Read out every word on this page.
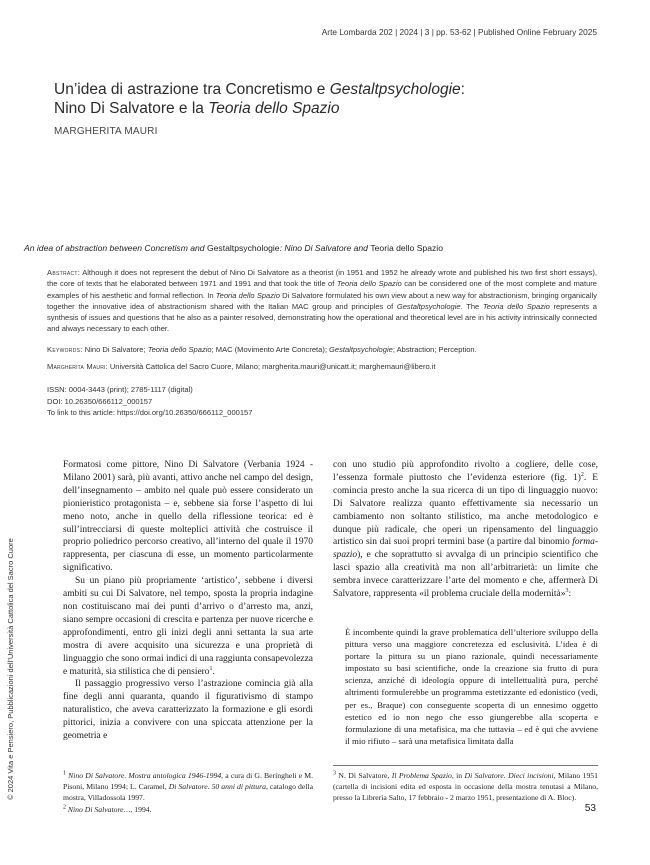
Arte Lombarda 202 | 2024 | 3 | pp. 53-62 | Published Online February 2025
Un’idea di astrazione tra Concretismo e Gestaltpsychologie:
Nino Di Salvatore e la Teoria dello Spazio
MARGHERITA MAURI
An idea of abstraction between Concretism and Gestaltpsychologie: Nino Di Salvatore and Teoria dello Spazio
Abstract: Although it does not represent the debut of Nino Di Salvatore as a theorist (in 1951 and 1952 he already wrote and published his two first short essays), the core of texts that he elaborated between 1971 and 1991 and that took the title of Teoria dello Spazio can be considered one of the most complete and mature examples of his aesthetic and formal reflection. In Teoria dello Spazio Di Salvatore formulated his own view about a new way for abstractionism, bringing organically together the innovative idea of abstractionism shared with the Italian MAC group and principles of Gestaltpsychologie. The Teoria dello Spazio represents a synthesis of issues and questions that he also as a painter resolved, demonstrating how the operational and theoretical level are in his activity intrinsically connected and always necessary to each other.
Keywords: Nino Di Salvatore; Teoria dello Spazio; MAC (Movimento Arte Concreta); Gestaltpsychologie; Abstraction; Perception.
Margherita Mauri: Università Cattolica del Sacro Cuore, Milano; margherita.mauri@unicatt.it; marghemauri@libero.it
ISSN: 0004-3443 (print); 2785-1117 (digital)
DOI: 10.26350/666112_000157
To link to this article: https://doi.org/10.26350/666112_000157

Formatosi come pittore, Nino Di Salvatore (Verbania 1924 - Milano 2001) sarà, più avanti, attivo anche nel campo del design, dell’insegnamento – ambito nel quale può essere considerato un pionieristico protagonista – e, sebbene sia forse l’aspetto di lui meno noto, anche in quello della riflessione teorica: ed è sull’intrecciarsi di queste molteplici attività che costruisce il proprio poliedrico percorso creativo, all’interno del quale il 1970 rappresenta, per ciascuna di esse, un momento particolarmente significativo.

Su un piano più propriamente ‘artistico’, sebbene i diversi ambiti su cui Di Salvatore, nel tempo, sposta la propria indagine non costituiscano mai dei punti d’arrivo o d’arresto ma, anzi, siano sempre occasioni di crescita e partenza per nuove ricerche e approfondimenti, entro gli inizi degli anni settanta la sua arte mostra di avere acquisito una sicurezza e una proprietà di linguaggio che sono ormai indici di una raggiunta consapevolezza e maturità, sia stilistica che di pensiero$^1$.

Il passaggio progressivo verso l’astrazione comincia già alla fine degli anni quaranta, quando il figurativismo di stampo naturalistico, che aveva caratterizzato la formazione e gli esordi pittorici, inizia a convivere con una spiccata attenzione per la geometria e

con uno studio più approfondito rivolto a cogliere, delle cose, l’essenza formale piuttosto che l’evidenza esteriore (fig. 1)$^2$. E comincia presto anche la sua ricerca di un tipo di linguaggio nuovo: Di Salvatore realizza quanto effettivamente sia necessario un cambiamento non soltanto stilistico, ma anche metodologico e dunque più radicale, che operi un ripensamento del linguaggio artistico sin dai suoi propri termini base (a partire dal binomio forma-spazio), e che soprattutto si avvalga di un principio scientifico che lasci spazio alla creatività ma non all’arbitrarietà: un limite che sembra invece caratterizzare l’arte del momento e che, affermerà Di Salvatore, rappresenta «il problema cruciale della modernità»$^3$:

È incombente quindi la grave problematica dell’ulteriore sviluppo della pittura verso una maggiore concretezza ed esclusività. L’idea è di portare la pittura su un piano razionale, quindi necessariamente impostato su basi scientifiche, onde la creazione sia frutto di pura scienza, anziché di ideologia oppure di intellettualità pura, perché altrimenti formulerebbe un programma estetizzante ed edonistico (vedi, per es., Braque) con conseguente scoperta di un ennesimo oggetto estetico ed io non nego che esso giungerebbe alla scoperta e formulazione di una metafisica, ma che tuttavia – ed è qui che avviene il mio rifiuto – sarà una metafisica limitata dalla

$^1$ Nino Di Salvatore. Mostra antologica 1946-1994, a cura di G. Beringheli e M. Pisoni, Milano 1994; L. Caramel, Di Salvatore. 50 anni di pittura, catalogo della mostra, Villadossola 1997.

$^2$ Nino Di Salvatore…, 1994.

$^3$ N. Di Salvatore, Il Problema Spazio, in Di Salvatore. Dieci incisioni, Milano 1951 (cartella di incisioni edita ed esposta in occasione della mostra tenutasi a Milano, presso la Libreria Salto, 17 febbraio - 2 marzo 1951, presentazione di A. Bloc).

© 2024 Vita e Pensiero, Pubblicazioni dell’Università Cattolica del Sacro Cuore
53
